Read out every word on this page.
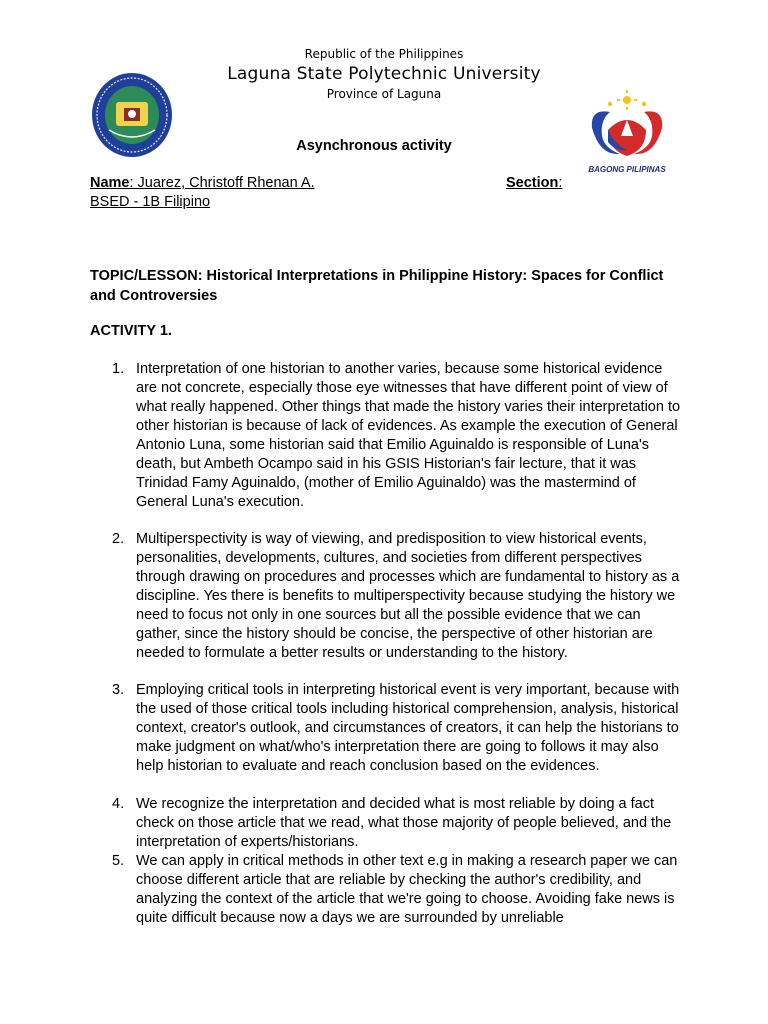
Republic of the Philippines
Laguna State Polytechnic University
Province of Laguna
BAGONG PILIPINAS
Asynchronous activity
Name: Juarez, Christoff Rhenan A.	Section:
BSED - 1B Filipino
TOPIC/LESSON: Historical Interpretations in Philippine History: Spaces for Conflict and Controversies
ACTIVITY 1.
1. Interpretation of one historian to another varies, because some historical evidence are not concrete, especially those eye witnesses that have different point of view of what really happened. Other things that made the history varies their interpretation to other historian is because of lack of evidences. As example the execution of General Antonio Luna, some historian said that Emilio Aguinaldo is responsible of Luna's death, but Ambeth Ocampo said in his GSIS Historian's fair lecture, that it was Trinidad Famy Aguinaldo, (mother of Emilio Aguinaldo) was the mastermind of General Luna's execution.
2. Multiperspectivity is way of viewing, and predisposition to view historical events, personalities, developments, cultures, and societies from different perspectives through drawing on procedures and processes which are fundamental to history as a discipline. Yes there is benefits to multiperspectivity because studying the history we need to focus not only in one sources but all the possible evidence that we can gather, since the history should be concise, the perspective of other historian are needed to formulate a better results or understanding to the history.
3. Employing critical tools in interpreting historical event is very important, because with the used of those critical tools including historical comprehension, analysis, historical context, creator's outlook, and circumstances of creators, it can help the historians to make judgment on what/who's interpretation there are going to follows it may also help historian to evaluate and reach conclusion based on the evidences.
4. We recognize the interpretation and decided what is most reliable by doing a fact check on those article that we read, what those majority of people believed, and the interpretation of experts/historians.
5. We can apply in critical methods in other text e.g in making a research paper we can choose different article that are reliable by checking the author's credibility, and analyzing the context of the article that we're going to choose. Avoiding fake news is quite difficult because now a days we are surrounded by unreliable
